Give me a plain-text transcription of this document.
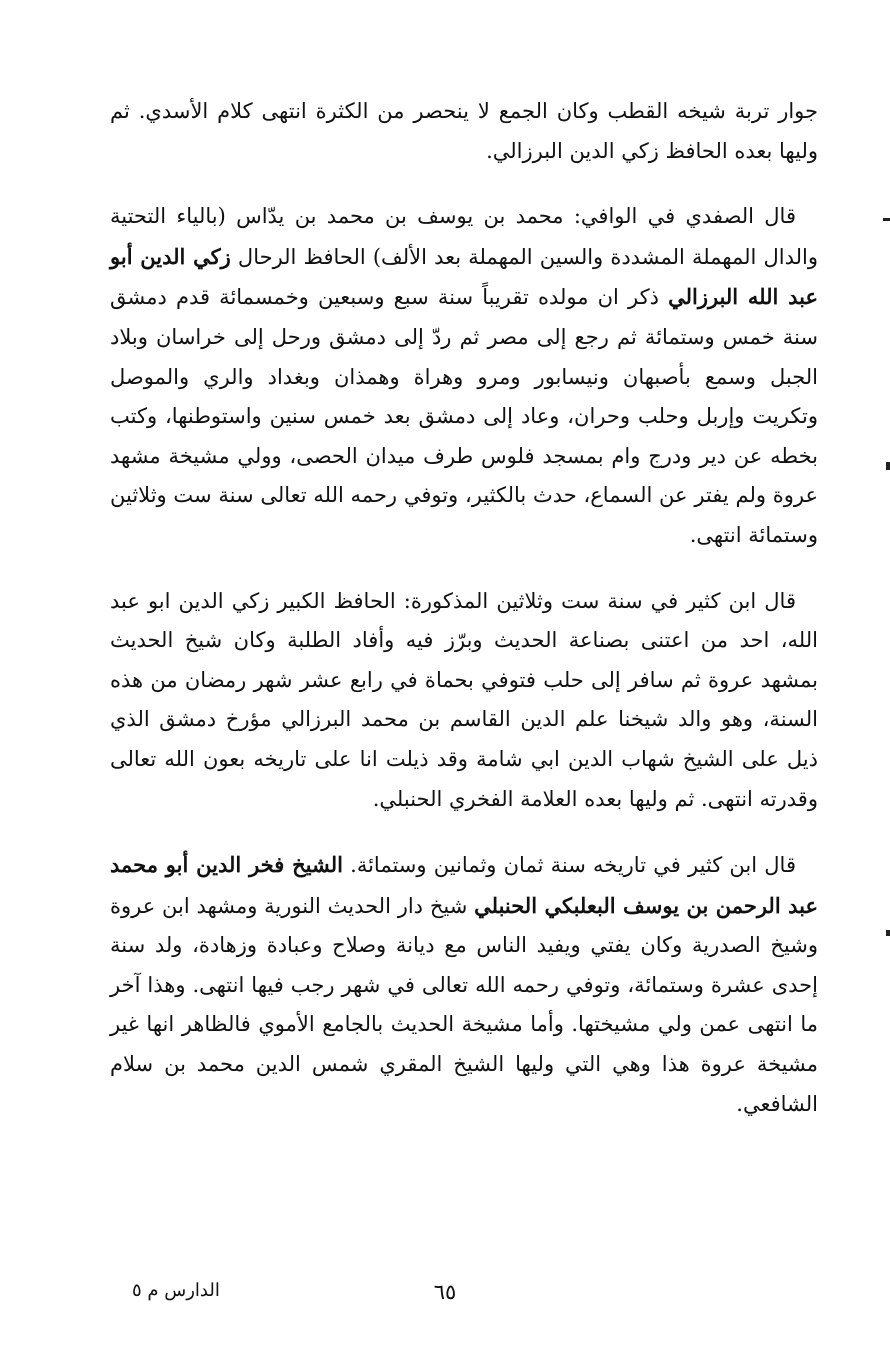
جوار تربة شيخه القطب وكان الجمع لا ينحصر من الكثرة انتهى كلام الأسدي. ثم وليها بعده الحافظ زكي الدين البرزالي.

قال الصفدي في الوافي: محمد بن يوسف بن محمد بن يدّاس (بالياء التحتية والدال المهملة المشددة والسين المهملة بعد الألف) الحافظ الرحال زكي الدين أبو عبد الله البرزالي ذكر ان مولده تقريباً سنة سبع وسبعين وخمسمائة قدم دمشق سنة خمس وستمائة ثم رجع إلى مصر ثم ردّ إلى دمشق ورحل إلى خراسان وبلاد الجبل وسمع بأصبهان ونيسابور ومرو وهراة وهمذان وبغداد والري والموصل وتكريت وإربل وحلب وحران، وعاد إلى دمشق بعد خمس سنين واستوطنها، وكتب بخطه عن دير ودرج وام بمسجد فلوس طرف ميدان الحصى، وولي مشيخة مشهد عروة ولم يفتر عن السماع، حدث بالكثير، وتوفي رحمه الله تعالى سنة ست وثلاثين وستمائة انتهى.

قال ابن كثير في سنة ست وثلاثين المذكورة: الحافظ الكبير زكي الدين ابو عبد الله، احد من اعتنى بصناعة الحديث وبرّز فيه وأفاد الطلبة وكان شيخ الحديث بمشهد عروة ثم سافر إلى حلب فتوفي بحماة في رابع عشر شهر رمضان من هذه السنة، وهو والد شيخنا علم الدين القاسم بن محمد البرزالي مؤرخ دمشق الذي ذيل على الشيخ شهاب الدين ابي شامة وقد ذيلت انا على تاريخه بعون الله تعالى وقدرته انتهى. ثم وليها بعده العلامة الفخري الحنبلي.

قال ابن كثير في تاريخه سنة ثمان وثمانين وستمائة. الشيخ فخر الدين أبو محمد عبد الرحمن بن يوسف البعلبكي الحنبلي شيخ دار الحديث النورية ومشهد ابن عروة وشيخ الصدرية وكان يفتي ويفيد الناس مع ديانة وصلاح وعبادة وزهادة، ولد سنة إحدى عشرة وستمائة، وتوفي رحمه الله تعالى في شهر رجب فيها انتهى. وهذا آخر ما انتهى عمن ولي مشيختها. وأما مشيخة الحديث بالجامع الأموي فالظاهر انها غير مشيخة عروة هذا وهي التي وليها الشيخ المقري شمس الدين محمد بن سلام الشافعي.

٦٥
الدارس م ٥
